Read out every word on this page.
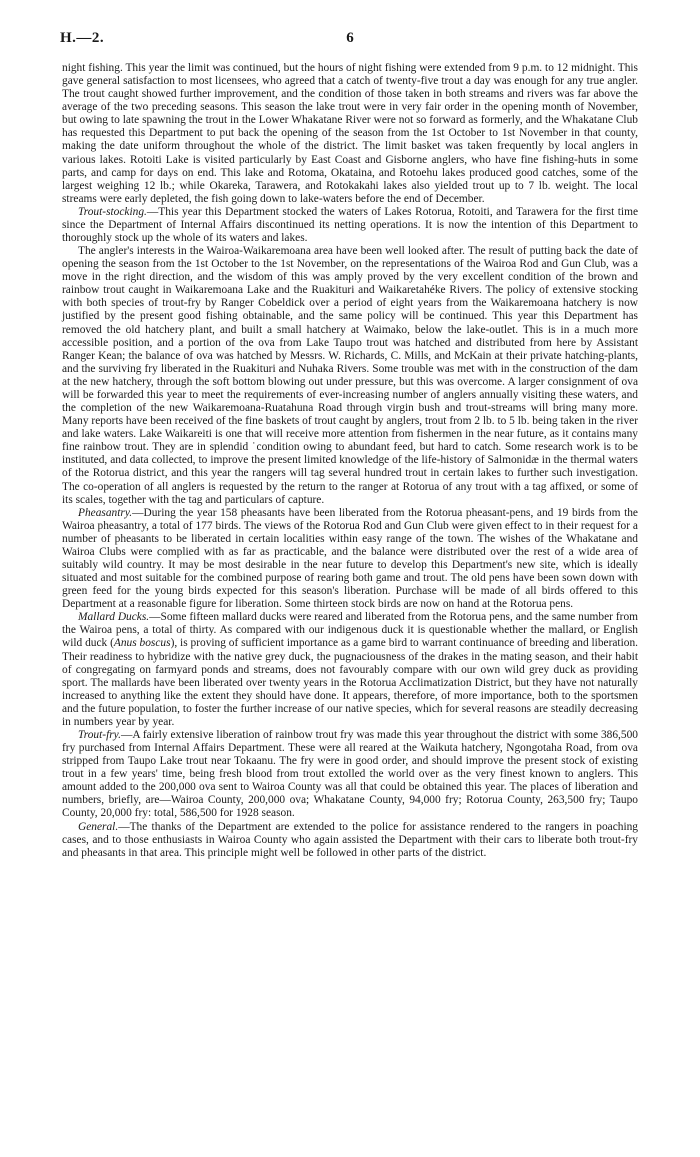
H.—2.	6

night fishing. This year the limit was continued, but the hours of night fishing were extended from 9 p.m. to 12 midnight. This gave general satisfaction to most licensees, who agreed that a catch of twenty-five trout a day was enough for any true angler. The trout caught showed further improvement, and the condition of those taken in both streams and rivers was far above the average of the two preceding seasons. This season the lake trout were in very fair order in the opening month of November, but owing to late spawning the trout in the Lower Whakatane River were not so forward as formerly, and the Whakatane Club has requested this Department to put back the opening of the season from the 1st October to 1st November in that county, making the date uniform throughout the whole of the district. The limit basket was taken frequently by local anglers in various lakes. Rotoiti Lake is visited particularly by East Coast and Gisborne anglers, who have fine fishing-huts in some parts, and camp for days on end. This lake and Rotoma, Okataina, and Rotoehu lakes produced good catches, some of the largest weighing 12 lb.; while Okareka, Tarawera, and Rotokakahi lakes also yielded trout up to 7 lb. weight. The local streams were early depleted, the fish going down to lake-waters before the end of December.

Trout-stocking.—This year this Department stocked the waters of Lakes Rotorua, Rotoiti, and Tarawera for the first time since the Department of Internal Affairs discontinued its netting operations. It is now the intention of this Department to thoroughly stock up the whole of its waters and lakes.

The angler's interests in the Wairoa-Waikaremoana area have been well looked after. The result of putting back the date of opening the season from the 1st October to the 1st November, on the representations of the Wairoa Rod and Gun Club, was a move in the right direction, and the wisdom of this was amply proved by the very excellent condition of the brown and rainbow trout caught in Waikaremoana Lake and the Ruakituri and Waikaretahéke Rivers. The policy of extensive stocking with both species of trout-fry by Ranger Cobeldick over a period of eight years from the Waikaremoana hatchery is now justified by the present good fishing obtainable, and the same policy will be continued. This year this Department has removed the old hatchery plant, and built a small hatchery at Waimako, below the lake-outlet. This is in a much more accessible position, and a portion of the ova from Lake Taupo trout was hatched and distributed from here by Assistant Ranger Kean; the balance of ova was hatched by Messrs. W. Richards, C. Mills, and McKain at their private hatching-plants, and the surviving fry liberated in the Ruakituri and Nuhaka Rivers. Some trouble was met with in the construction of the dam at the new hatchery, through the soft bottom blowing out under pressure, but this was overcome. A larger consignment of ova will be forwarded this year to meet the requirements of ever-increasing number of anglers annually visiting these waters, and the completion of the new Waikaremoana-Ruatahuna Road through virgin bush and trout-streams will bring many more. Many reports have been received of the fine baskets of trout caught by anglers, trout from 2 lb. to 5 lb. being taken in the river and lake waters. Lake Waikareiti is one that will receive more attention from fishermen in the near future, as it contains many fine rainbow trout. They are in splendid ˙condition owing to abundant feed, but hard to catch. Some research work is to be instituted, and data collected, to improve the present limited knowledge of the life-history of Salmonidæ in the thermal waters of the Rotorua district, and this year the rangers will tag several hundred trout in certain lakes to further such investigation. The co-operation of all anglers is requested by the return to the ranger at Rotorua of any trout with a tag affixed, or some of its scales, together with the tag and particulars of capture.

Pheasantry.—During the year 158 pheasants have been liberated from the Rotorua pheasant-pens, and 19 birds from the Wairoa pheasantry, a total of 177 birds. The views of the Rotorua Rod and Gun Club were given effect to in their request for a number of pheasants to be liberated in certain localities within easy range of the town. The wishes of the Whakatane and Wairoa Clubs were complied with as far as practicable, and the balance were distributed over the rest of a wide area of suitably wild country. It may be most desirable in the near future to develop this Department's new site, which is ideally situated and most suitable for the combined purpose of rearing both game and trout. The old pens have been sown down with green feed for the young birds expected for this season's liberation. Purchase will be made of all birds offered to this Department at a reasonable figure for liberation. Some thirteen stock birds are now on hand at the Rotorua pens.

Mallard Ducks.—Some fifteen mallard ducks were reared and liberated from the Rotorua pens, and the same number from the Wairoa pens, a total of thirty. As compared with our indigenous duck it is questionable whether the mallard, or English wild duck (Anus boscus), is proving of sufficient importance as a game bird to warrant continuance of breeding and liberation. Their readiness to hybridize with the native grey duck, the pugnaciousness of the drakes in the mating season, and their habit of congregating on farmyard ponds and streams, does not favourably compare with our own wild grey duck as providing sport. The mallards have been liberated over twenty years in the Rotorua Acclimatization District, but they have not naturally increased to anything like the extent they should have done. It appears, therefore, of more importance, both to the sportsmen and the future population, to foster the further increase of our native species, which for several reasons are steadily decreasing in numbers year by year.

Trout-fry.—A fairly extensive liberation of rainbow trout fry was made this year throughout the district with some 386,500 fry purchased from Internal Affairs Department. These were all reared at the Waikuta hatchery, Ngongotaha Road, from ova stripped from Taupo Lake trout near Tokaanu. The fry were in good order, and should improve the present stock of existing trout in a few years' time, being fresh blood from trout extolled the world over as the very finest known to anglers. This amount added to the 200,000 ova sent to Wairoa County was all that could be obtained this year. The places of liberation and numbers, briefly, are—Wairoa County, 200,000 ova; Whakatane County, 94,000 fry; Rotorua County, 263,500 fry; Taupo County, 20,000 fry: total, 586,500 for 1928 season.

General.—The thanks of the Department are extended to the police for assistance rendered to the rangers in poaching cases, and to those enthusiasts in Wairoa County who again assisted the Department with their cars to liberate both trout-fry and pheasants in that area. This principle might well be followed in other parts of the district.
